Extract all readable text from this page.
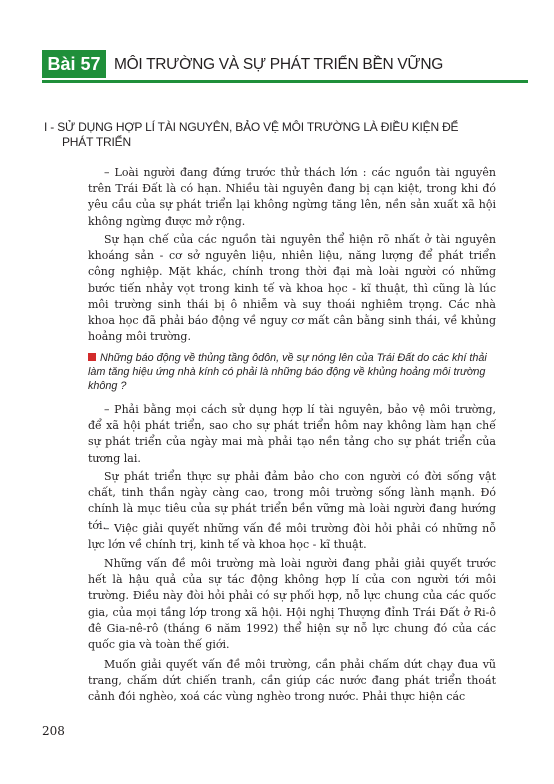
Bài 57 MÔI TRƯỜNG VÀ SỰ PHÁT TRIỂN BỀN VỮNG
I - SỬ DỤNG HỢP LÍ TÀI NGUYÊN, BẢO VỆ MÔI TRƯỜNG LÀ ĐIỀU KIỆN ĐỂ
PHÁT TRIỂN

– Loài người đang đứng trước thử thách lớn : các nguồn tài nguyên trên Trái Đất là có hạn. Nhiều tài nguyên đang bị cạn kiệt, trong khi đó yêu cầu của sự phát triển lại không ngừng tăng lên, nền sản xuất xã hội không ngừng được mở rộng.

Sự hạn chế của các nguồn tài nguyên thể hiện rõ nhất ở tài nguyên khoáng sản - cơ sở nguyên liệu, nhiên liệu, năng lượng để phát triển công nghiệp. Mặt khác, chính trong thời đại mà loài người có những bước tiến nhảy vọt trong kinh tế và khoa học - kĩ thuật, thì cũng là lúc môi trường sinh thái bị ô nhiễm và suy thoái nghiêm trọng. Các nhà khoa học đã phải báo động về nguy cơ mất cân bằng sinh thái, về khủng hoảng môi trường.

Những báo động về thủng tầng ôdôn, về sự nóng lên của Trái Đất do các khí thải làm tăng hiệu ứng nhà kính có phải là những báo động về khủng hoảng môi trường không ?

– Phải bằng mọi cách sử dụng hợp lí tài nguyên, bảo vệ môi trường, để xã hội phát triển, sao cho sự phát triển hôm nay không làm hạn chế sự phát triển của ngày mai mà phải tạo nền tảng cho sự phát triển của tương lai.

Sự phát triển thực sự phải đảm bảo cho con người có đời sống vật chất, tinh thần ngày càng cao, trong môi trường sống lành mạnh. Đó chính là mục tiêu của sự phát triển bền vững mà loài người đang hướng tới.

– Việc giải quyết những vấn đề môi trường đòi hỏi phải có những nỗ lực lớn về chính trị, kinh tế và khoa học - kĩ thuật.

Những vấn đề môi trường mà loài người đang phải giải quyết trước hết là hậu quả của sự tác động không hợp lí của con người tới môi trường. Điều này đòi hỏi phải có sự phối hợp, nỗ lực chung của các quốc gia, của mọi tầng lớp trong xã hội. Hội nghị Thượng đỉnh Trái Đất ở Ri-ô đê Gia-nê-rô (tháng 6 năm 1992) thể hiện sự nỗ lực chung đó của các quốc gia và toàn thế giới.

Muốn giải quyết vấn đề môi trường, cần phải chấm dứt chạy đua vũ trang, chấm dứt chiến tranh, cần giúp các nước đang phát triển thoát cảnh đói nghèo, xoá các vùng nghèo trong nước. Phải thực hiện các

208
